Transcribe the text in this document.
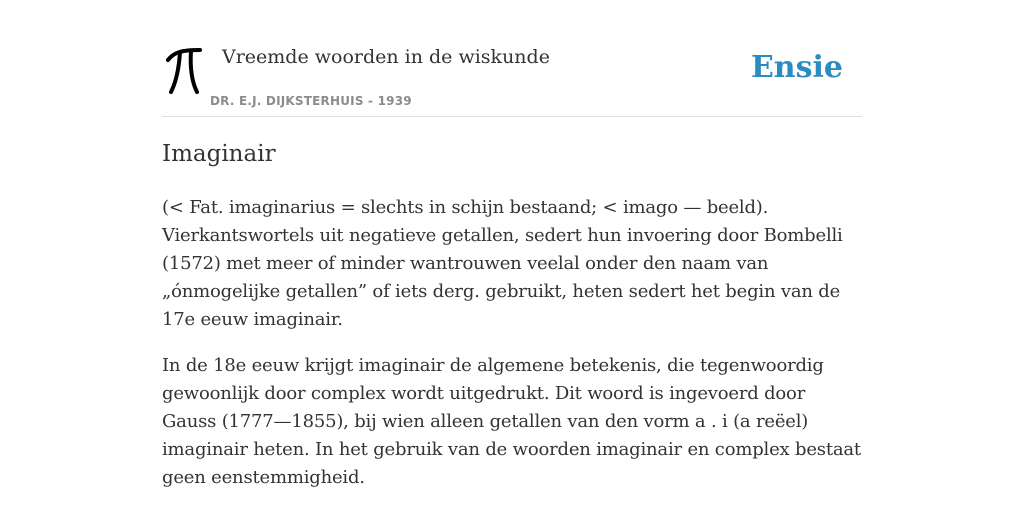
Vreemde woorden in de wiskunde
DR. E.J. DIJKSTERHUIS - 1939
Ensie
Imaginair

(< Fat. imaginarius = slechts in schijn bestaand; < imago — beeld). Vierkantswortels uit negatieve getallen, sedert hun invoering door Bombelli (1572) met meer of minder wantrouwen veelal onder den naam van „ónmogelijke getallen” of iets derg. gebruikt, heten sedert het begin van de 17e eeuw imaginair.

In de 18e eeuw krijgt imaginair de algemene betekenis, die tegenwoordig gewoonlijk door complex wordt uitgedrukt. Dit woord is ingevoerd door Gauss (1777—1855), bij wien alleen getallen van den vorm a . i (a reëel) imaginair heten. In het gebruik van de woorden imaginair en complex bestaat geen eenstemmigheid.
